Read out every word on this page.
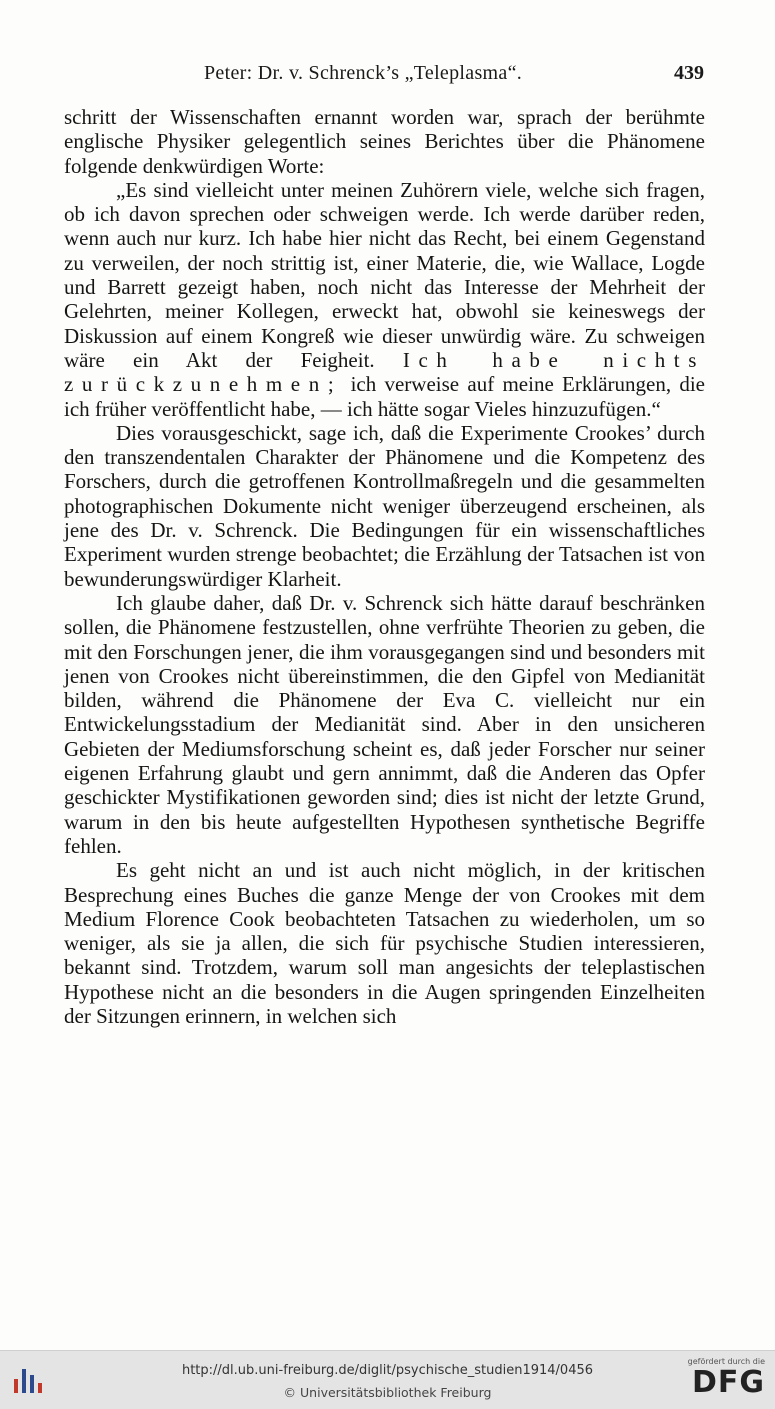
Peter: Dr. v. Schrenck’s „Teleplasma“.	439

schritt der Wissenschaften ernannt worden war, sprach der berühmte englische Physiker gelegentlich seines Berichtes über die Phänomene folgende denkwürdigen Worte:

„Es sind vielleicht unter meinen Zuhörern viele, welche sich fragen, ob ich davon sprechen oder schweigen werde. Ich werde darüber reden, wenn auch nur kurz. Ich habe hier nicht das Recht, bei einem Gegenstand zu verweilen, der noch strittig ist, einer Materie, die, wie Wallace, Logde und Barrett gezeigt haben, noch nicht das Interesse der Mehrheit der Gelehrten, meiner Kollegen, erweckt hat, obwohl sie keineswegs der Diskussion auf einem Kongreß wie dieser unwürdig wäre. Zu schweigen wäre ein Akt der Feigheit. Ich habe nichts zurückzunehmen; ich verweise auf meine Erklärungen, die ich früher veröffentlicht habe, — ich hätte sogar Vieles hinzuzufügen.“

Dies vorausgeschickt, sage ich, daß die Experimente Crookes’ durch den transzendentalen Charakter der Phänomene und die Kompetenz des Forschers, durch die getroffenen Kontrollmaßregeln und die gesammelten photographischen Dokumente nicht weniger überzeugend erscheinen, als jene des Dr. v. Schrenck. Die Bedingungen für ein wissenschaftliches Experiment wurden strenge beobachtet; die Erzählung der Tatsachen ist von bewunderungswürdiger Klarheit.

Ich glaube daher, daß Dr. v. Schrenck sich hätte darauf beschränken sollen, die Phänomene festzustellen, ohne verfrühte Theorien zu geben, die mit den Forschungen jener, die ihm vorausgegangen sind und besonders mit jenen von Crookes nicht übereinstimmen, die den Gipfel von Medianität bilden, während die Phänomene der Eva C. vielleicht nur ein Entwickelungsstadium der Medianität sind. Aber in den unsicheren Gebieten der Mediumsforschung scheint es, daß jeder Forscher nur seiner eigenen Erfahrung glaubt und gern annimmt, daß die Anderen das Opfer geschickter Mystifikationen geworden sind; dies ist nicht der letzte Grund, warum in den bis heute aufgestellten Hypothesen synthetische Begriffe fehlen.

Es geht nicht an und ist auch nicht möglich, in der kritischen Besprechung eines Buches die ganze Menge der von Crookes mit dem Medium Florence Cook beobachteten Tatsachen zu wiederholen, um so weniger, als sie ja allen, die sich für psychische Studien interessieren, bekannt sind. Trotzdem, warum soll man angesichts der teleplastischen Hypothese nicht an die besonders in die Augen springenden Einzelheiten der Sitzungen erinnern, in welchen sich

http://dl.ub.uni-freiburg.de/diglit/psychische_studien1914/0456
© Universitätsbibliothek Freiburg
gefördert durch die
DFG
